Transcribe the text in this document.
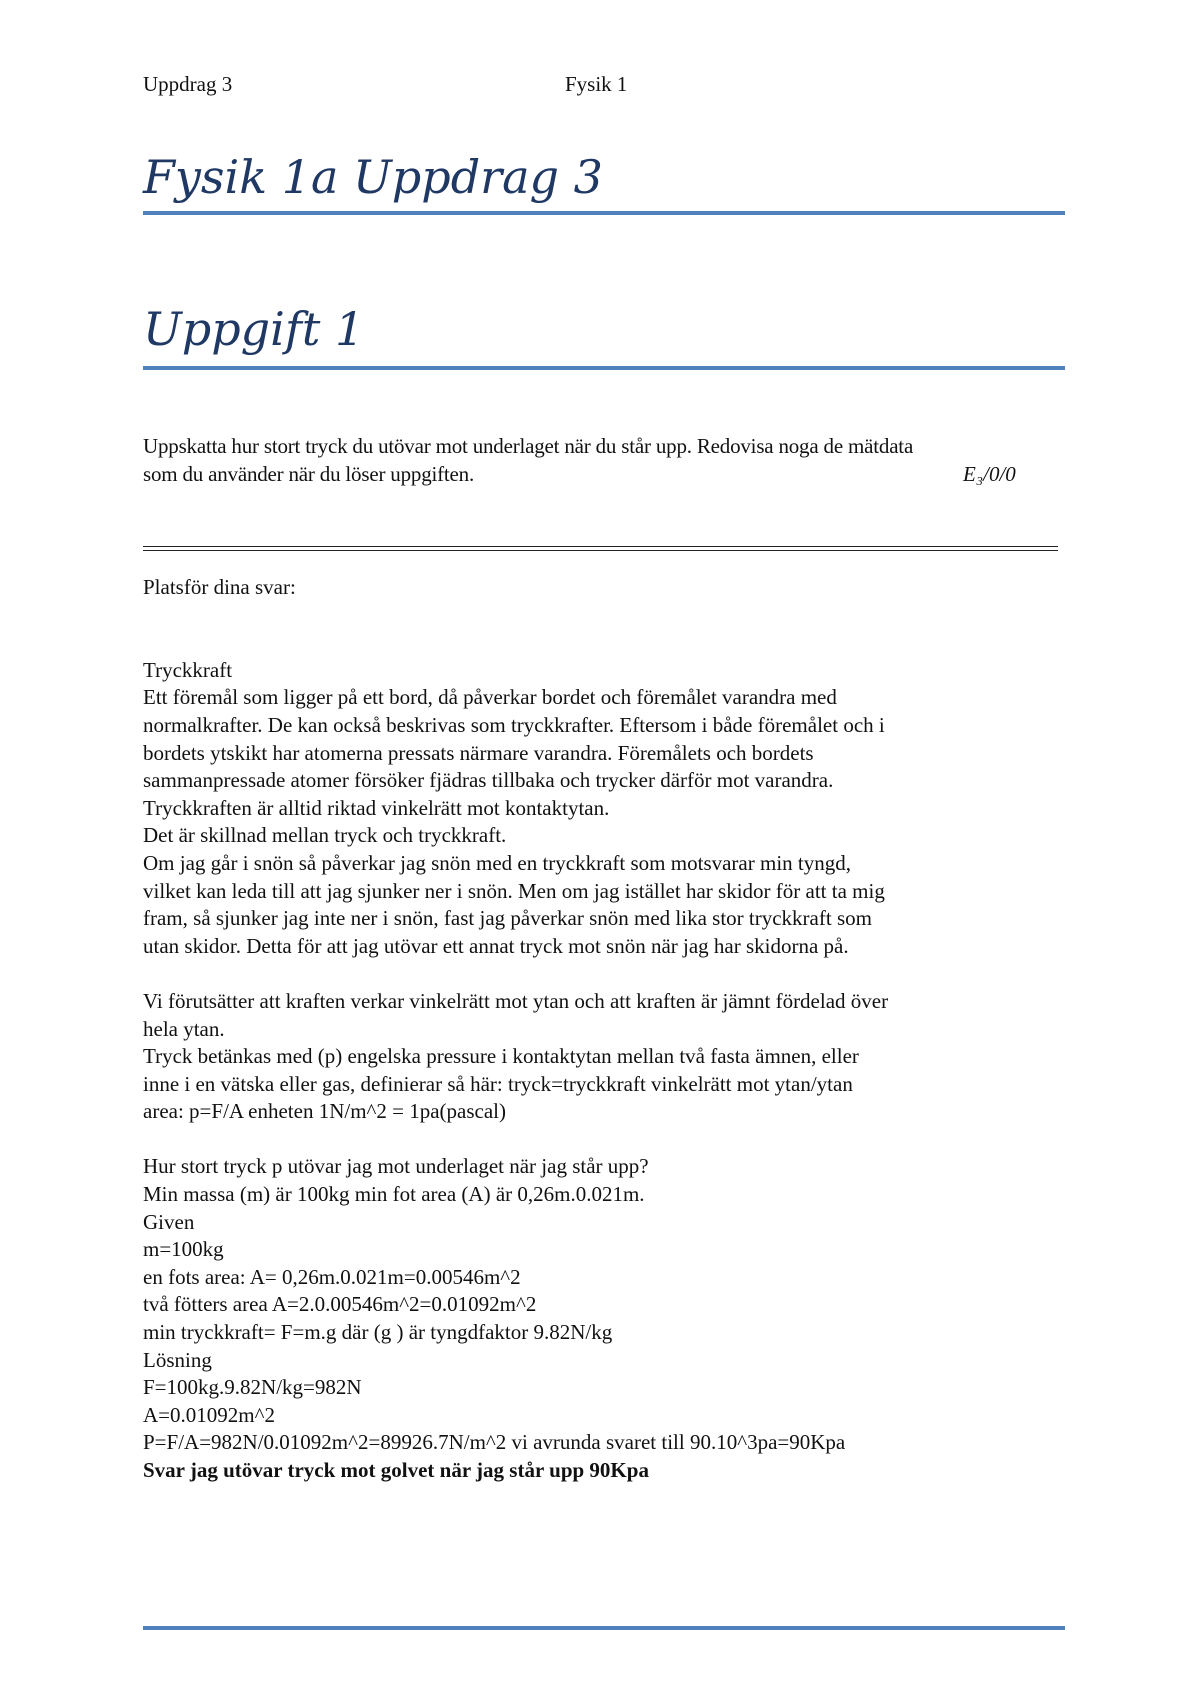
Uppdrag 3	Fysik 1
Fysik 1a Uppdrag 3
Uppgift 1
Uppskatta hur stort tryck du utövar mot underlaget när du står upp. Redovisa noga de mätdata
som du använder när du löser uppgiften.	E₃/0/0

Platsför dina svar:

Tryckkraft

Ett föremål som ligger på ett bord, då påverkar bordet och föremålet varandra med

normalkrafter. De kan också beskrivas som tryckkrafter. Eftersom i både föremålet och i

bordets ytskikt har atomerna pressats närmare varandra. Föremålets och bordets

sammanpressade atomer försöker fjädras tillbaka och trycker därför mot varandra.

Tryckkraften är alltid riktad vinkelrätt mot kontaktytan.

Det är skillnad mellan tryck och tryckkraft.

Om jag går i snön så påverkar jag snön med en tryckkraft som motsvarar min tyngd,

vilket kan leda till att jag sjunker ner i snön. Men om jag istället har skidor för att ta mig

fram, så sjunker jag inte ner i snön, fast jag påverkar snön med lika stor tryckkraft som

utan skidor. Detta för att jag utövar ett annat tryck mot snön när jag har skidorna på.

Vi förutsätter att kraften verkar vinkelrätt mot ytan och att kraften är jämnt fördelad över

hela ytan.

Tryck betänkas med (p) engelska pressure i kontaktytan mellan två fasta ämnen, eller

inne i en vätska eller gas, definierar så här: tryck=tryckkraft vinkelrätt mot ytan/ytan

area: p=F/A enheten 1N/m^2 = 1pa(pascal)

Hur stort tryck p utövar jag mot underlaget när jag står upp?

Min massa (m) är 100kg min fot area (A) är 0,26m.0.021m.

Given

m=100kg

en fots area: A= 0,26m.0.021m=0.00546m^2

två fötters area A=2.0.00546m^2=0.01092m^2

min tryckkraft= F=m.g där (g ) är tyngdfaktor 9.82N/kg

Lösning

F=100kg.9.82N/kg=982N

A=0.01092m^2

P=F/A=982N/0.01092m^2=89926.7N/m^2 vi avrunda svaret till 90.10^3pa=90Kpa

Svar jag utövar tryck mot golvet när jag står upp 90Kpa
